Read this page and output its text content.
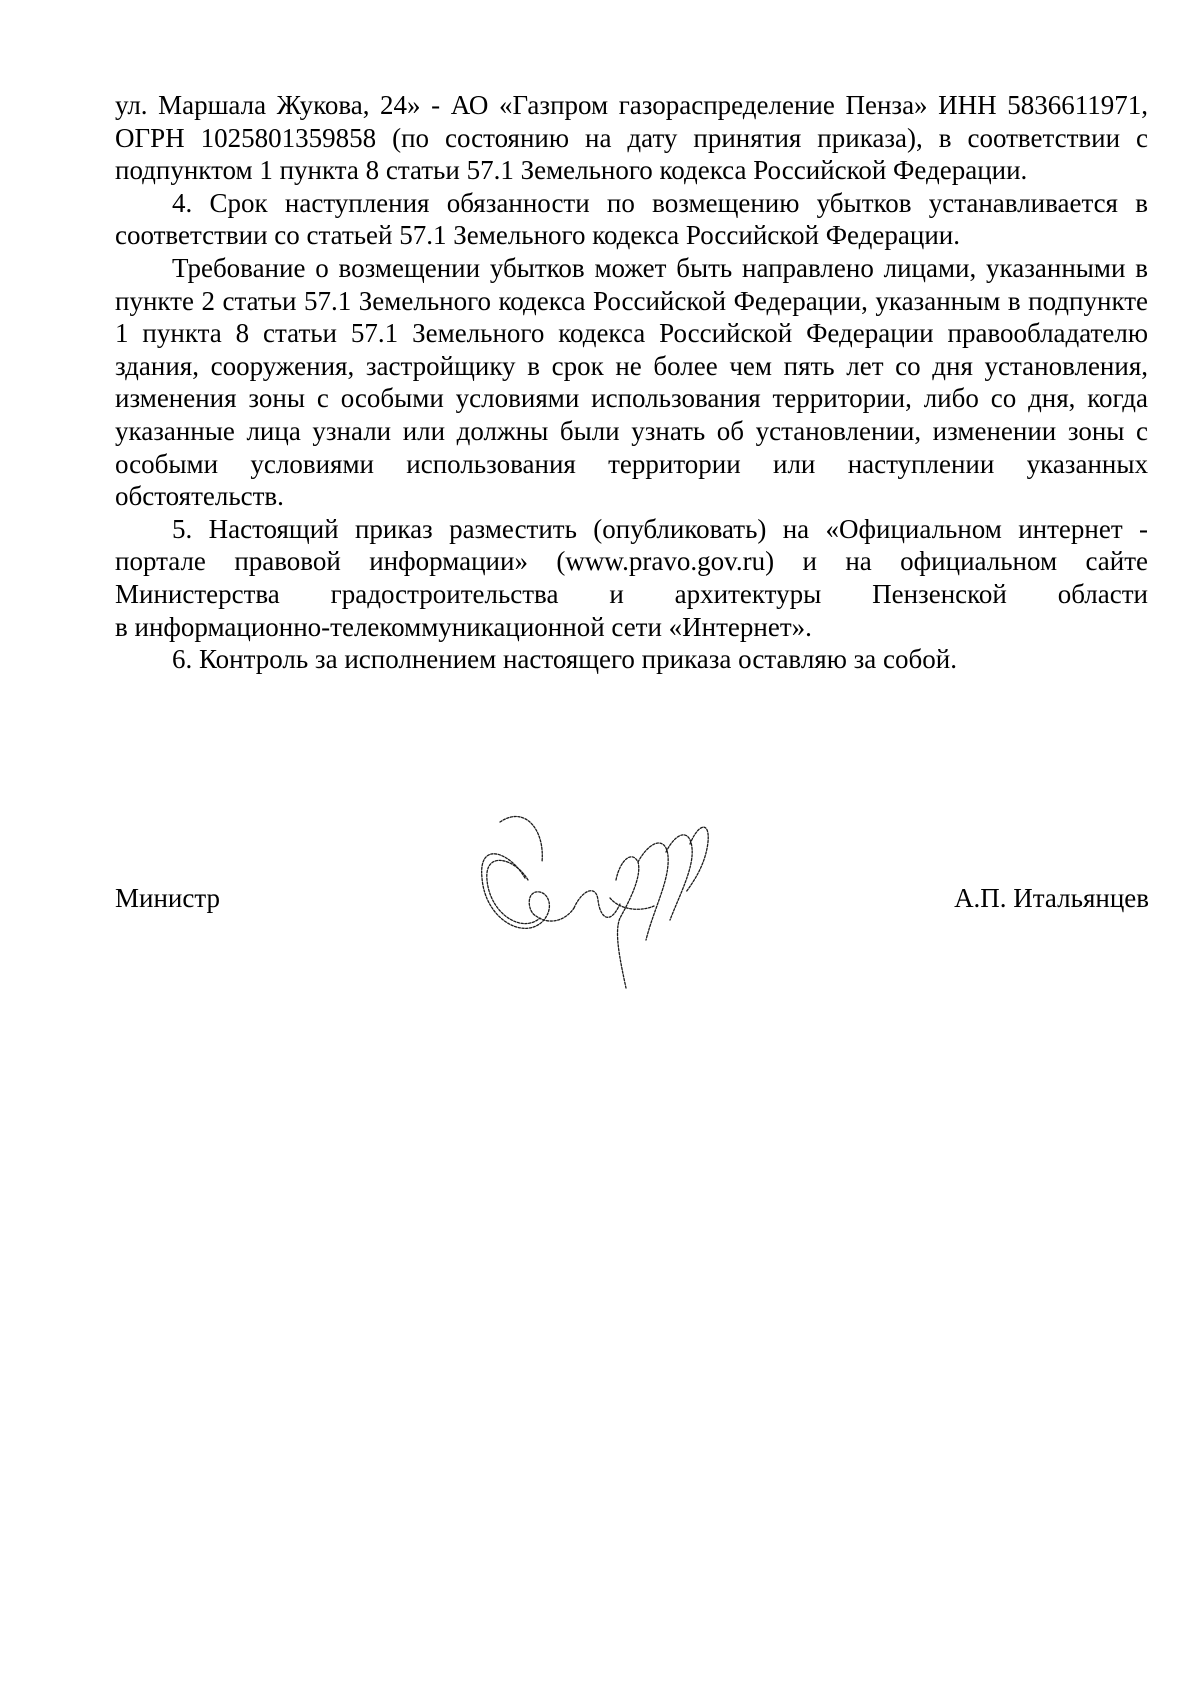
ул. Маршала Жукова, 24» - АО «Газпром газораспределение Пенза» ИНН 5836611971, ОГРН 1025801359858 (по состоянию на дату принятия приказа), в соответствии с подпунктом 1 пункта 8 статьи 57.1 Земельного кодекса Российской Федерации.

4. Срок наступления обязанности по возмещению убытков устанавливается в соответствии со статьей 57.1 Земельного кодекса Российской Федерации.

Требование о возмещении убытков может быть направлено лицами, указанными в пункте 2 статьи 57.1 Земельного кодекса Российской Федерации, указанным в подпункте 1 пункта 8 статьи 57.1 Земельного кодекса Российской Федерации правообладателю здания, сооружения, застройщику в срок не более чем пять лет со дня установления, изменения зоны с особыми условиями использования территории, либо со дня, когда указанные лица узнали или должны были узнать об установлении, изменении зоны с особыми условиями использования территории или наступлении указанных обстоятельств.

5. Настоящий приказ разместить (опубликовать) на «Официальном интернет - портале правовой информации» (www.pravo.gov.ru) и на официальном сайте Министерства градостроительства и архитектуры Пензенской области

в информационно-телекоммуникационной сети «Интернет».

6. Контроль за исполнением настоящего приказа оставляю за собой.

Министр	А.П. Итальянцев
